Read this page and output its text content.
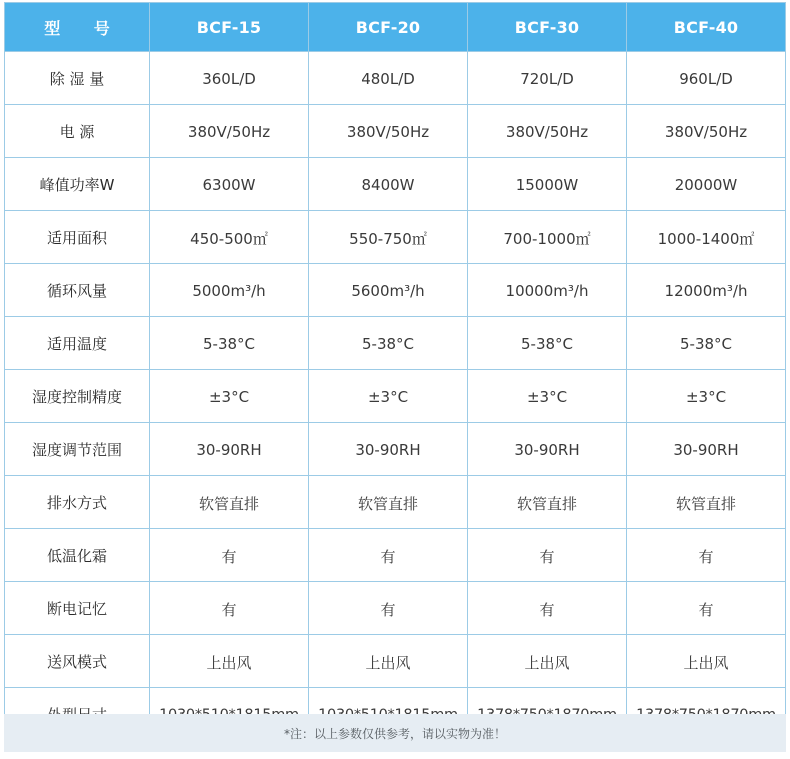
型 号	BCF-15	BCF-20	BCF-30	BCF-40
除 湿 量	360L/D	480L/D	720L/D	960L/D
电 源	380V/50Hz	380V/50Hz	380V/50Hz	380V/50Hz
峰值功率W	6300W	8400W	15000W	20000W
适用面积	450-500㎡	550-750㎡	700-1000㎡	1000-1400㎡
循环风量	5000m³/h	5600m³/h	10000m³/h	12000m³/h
适用温度	5-38°C	5-38°C	5-38°C	5-38°C
湿度控制精度	±3°C	±3°C	±3°C	±3°C
湿度调节范围	30-90RH	30-90RH	30-90RH	30-90RH
排水方式	软管直排	软管直排	软管直排	软管直排
低温化霜	有	有	有	有
断电记忆	有	有	有	有
送风模式	上出风	上出风	上出风	上出风

*注：以上参数仅供参考，请以实物为准！
